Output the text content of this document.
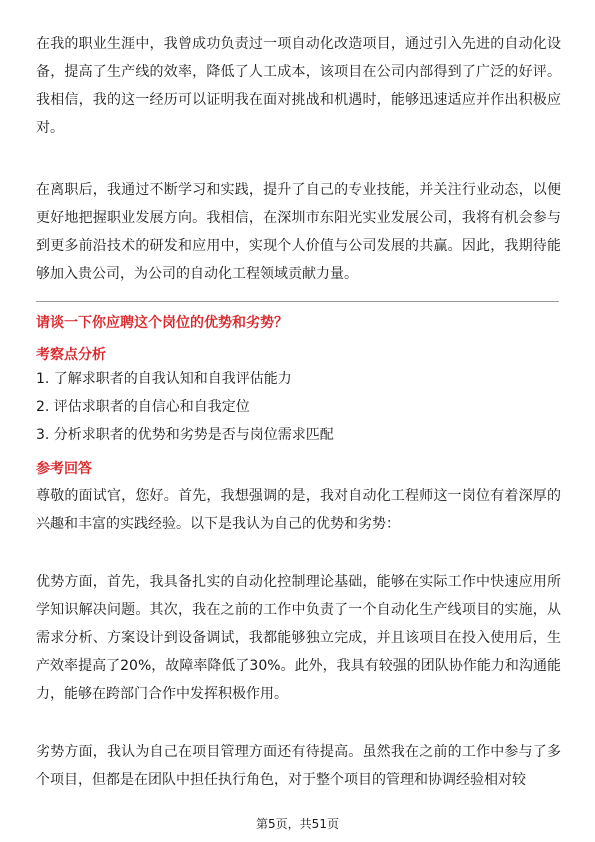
在我的职业生涯中，我曾成功负责过一项自动化改造项目，通过引入先进的自动化设备，提高了生产线的效率，降低了人工成本，该项目在公司内部得到了广泛的好评。我相信，我的这一经历可以证明我在面对挑战和机遇时，能够迅速适应并作出积极应对。

在离职后，我通过不断学习和实践，提升了自己的专业技能，并关注行业动态，以便更好地把握职业发展方向。我相信，在深圳市东阳光实业发展公司，我将有机会参与到更多前沿技术的研发和应用中，实现个人价值与公司发展的共赢。因此，我期待能够加入贵公司，为公司的自动化工程领域贡献力量。

请谈一下你应聘这个岗位的优势和劣势？

考察点分析

1. 了解求职者的自我认知和自我评估能力

2. 评估求职者的自信心和自我定位

3. 分析求职者的优势和劣势是否与岗位需求匹配

参考回答

尊敬的面试官，您好。首先，我想强调的是，我对自动化工程师这一岗位有着深厚的兴趣和丰富的实践经验。以下是我认为自己的优势和劣势：

优势方面，首先，我具备扎实的自动化控制理论基础，能够在实际工作中快速应用所学知识解决问题。其次，我在之前的工作中负责了一个自动化生产线项目的实施，从需求分析、方案设计到设备调试，我都能够独立完成，并且该项目在投入使用后，生产效率提高了20%，故障率降低了30%。此外，我具有较强的团队协作能力和沟通能力，能够在跨部门合作中发挥积极作用。

劣势方面，我认为自己在项目管理方面还有待提高。虽然我在之前的工作中参与了多个项目，但都是在团队中担任执行角色，对于整个项目的管理和协调经验相对较

第5页，共51页
